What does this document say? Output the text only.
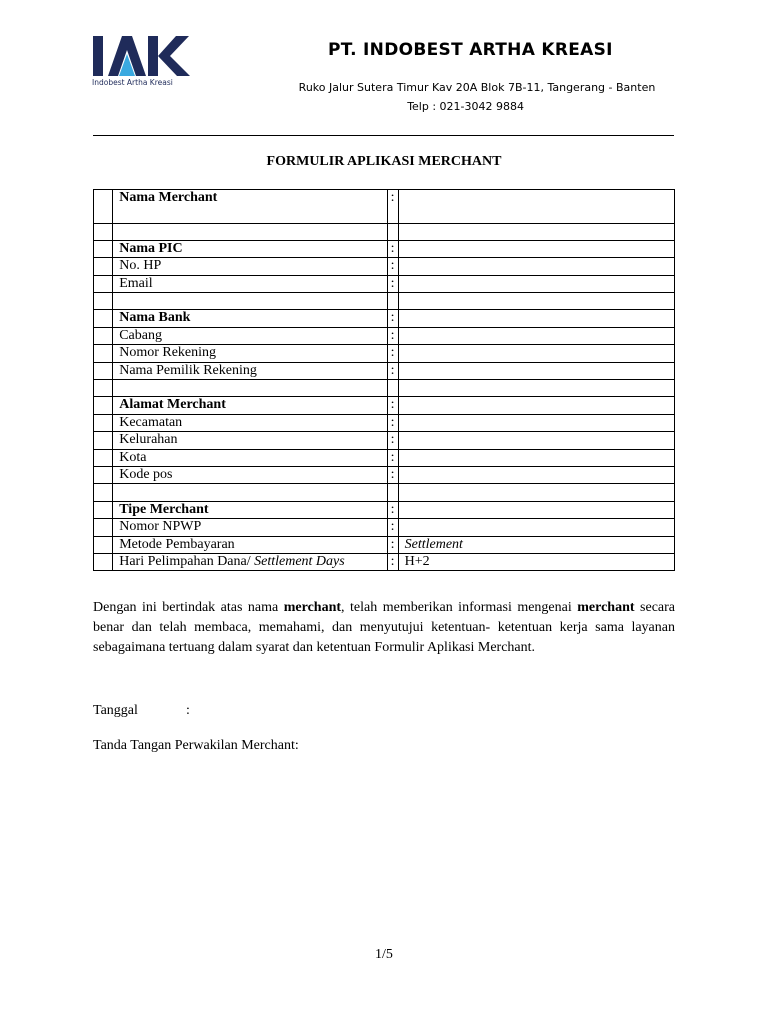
Indobest Artha Kreasi
PT. INDOBEST ARTHA KREASI
Ruko Jalur Sutera Timur Kav 20A Blok 7B-11, Tangerang - Banten
Telp : 021-3042 9884
FORMULIR APLIKASI MERCHANT
	Nama Merchant	:	

	Nama PIC	:	
	No. HP	:	
	Email	:	

	Nama Bank	:	
	Cabang	:	
	Nomor Rekening	:	
	Nama Pemilik Rekening	:	

	Alamat Merchant	:	
	Kecamatan	:	
	Kelurahan	:	
	Kota	:	
	Kode pos	:	

	Tipe Merchant	:	
	Nomor NPWP	:	
	Metode Pembayaran	:	Settlement
	Hari Pelimpahan Dana/ Settlement Days	:	H+2
Dengan ini bertindak atas nama merchant, telah memberikan informasi mengenai merchant secara benar dan telah membaca, memahami, dan menyutujui ketentuan- ketentuan kerja sama layanan sebagaimana tertuang dalam syarat dan ketentuan Formulir Aplikasi Merchant.
Tanggal	:
Tanda Tangan Perwakilan Merchant:
1/5
